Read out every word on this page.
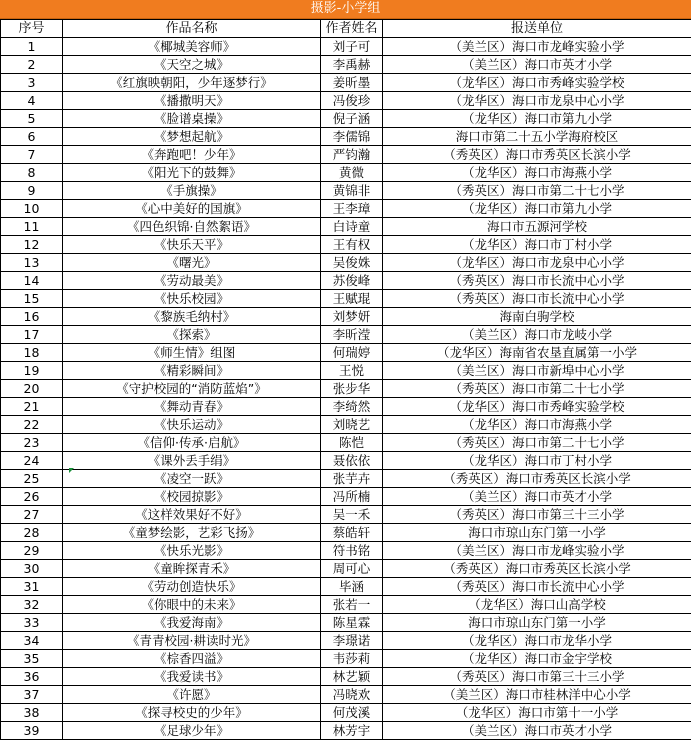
摄影-小学组
序号	作品名称	作者姓名	报送单位
1	《椰城美容师》	刘子可	（美兰区）海口市龙峰实验小学
2	《天空之城》	李禹赫	（美兰区）海口市英才小学
3	《红旗映朝阳，少年逐梦行》	姜昕墨	（龙华区）海口市秀峰实验学校
4	《播撒明天》	冯俊珍	（龙华区）海口市龙泉中心小学
5	《脸谱桌操》	倪子涵	（龙华区）海口市第九小学
6	《梦想起航》	李儒锦	海口市第二十五小学海府校区
7	《奔跑吧！少年》	严钧瀚	（秀英区）海口市秀英区长滨小学
8	《阳光下的鼓舞》	黄微	（龙华区）海口市海燕小学
9	《手旗操》	黄锦非	（秀英区）海口市第二十七小学
10	《心中美好的国旗》	王李璋	（龙华区）海口市第九小学
11	《四色织锦·自然絮语》	白诗童	海口市五源河学校
12	《快乐天平》	王有权	（龙华区）海口市丁村小学
13	《曙光》	吴俊姝	（龙华区）海口市龙泉中心小学
14	《劳动最美》	苏俊峰	（秀英区）海口市长流中心小学
15	《快乐校园》	王赋琨	（秀英区）海口市长流中心小学
16	《黎族毛纳村》	刘梦妍	海南白驹学校
17	《探索》	李昕滢	（美兰区）海口市龙岐小学
18	《师生情》组图	何瑞婷	（龙华区）海南省农垦直属第一小学
19	《精彩瞬间》	王悦	（美兰区）海口市新埠中心小学
20	《守护校园的“消防蓝焰”》	张步华	（秀英区）海口市第二十七小学
21	《舞动青春》	李绮然	（龙华区）海口市秀峰实验学校
22	《快乐运动》	刘晓艺	（龙华区）海口市海燕小学
23	《信仰·传承·启航》	陈恺	（秀英区）海口市第二十七小学
24	《课外丢手绢》	聂依依	（龙华区）海口市丁村小学
25	《凌空一跃》	张芋卉	（秀英区）海口市秀英区长滨小学
26	《校园掠影》	冯所楠	（美兰区）海口市英才小学
27	《这样效果好不好》	吴一禾	（秀英区）海口市第三十三小学
28	《童梦绘影，艺彩飞扬》	蔡皓轩	海口市琼山东门第一小学
29	《快乐光影》	符书铭	（美兰区）海口市龙峰实验小学
30	《童眸探青禾》	周可心	（秀英区）海口市秀英区长滨小学
31	《劳动创造快乐》	毕涵	（秀英区）海口市长流中心小学
32	《你眼中的未来》	张若一	（龙华区）海口山高学校
33	《我爱海南》	陈星霖	海口市琼山东门第一小学
34	《青青校园·耕读时光》	李璟诺	（龙华区）海口市龙华小学
35	《棕香四溢》	韦莎莉	（龙华区）海口市金宇学校
36	《我爱读书》	林艺颖	（秀英区）海口市第三十三小学
37	《许愿》	冯晓欢	（美兰区）海口市桂林洋中心小学
38	《探寻校史的少年》	何茂溪	（龙华区）海口市第十一小学
39	《足球少年》	林芳宇	（美兰区）海口市英才小学
